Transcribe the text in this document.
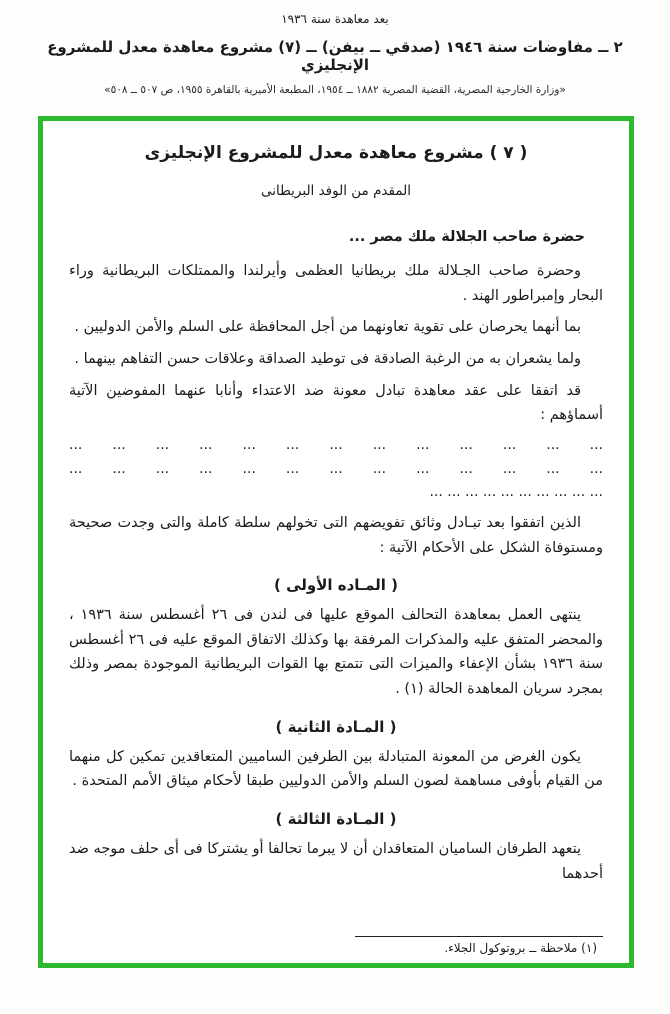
بعد معاهدة سنة ١٩٣٦
٢ ــ مفاوضات سنة ١٩٤٦ (صدقي ــ بيفن) ــ (٧) مشروع معاهدة معدل للمشروع الإنجليزي
«وزارة الخارجية المصرية، القضية المصرية ١٨٨٢ ــ ١٩٥٤، المطبعة الأميرية بالقاهرة ١٩٥٥، ص ٥٠٧ ــ ٥٠٨»
( ٧ ) مشروع معاهدة معدل للمشروع الإنجليزى
المقدم من الوفد البريطانى
حضرة صاحب الجلالة ملك مصر ...

وحضرة صاحب الجـلالة ملك بريطانيا العظمى وأيرلندا والممتلكات البريطانية وراء البحار وإمبراطور الهند .

بما أنهما يحرصان على تقوية تعاونهما من أجل المحافظة على السلم والأمن الدوليين .

ولما يشعران به من الرغبة الصادقة فى توطيد الصداقة وعلاقات حسن التفاهم بينهما .

قد اتفقا على عقد معاهدة تبادل معونة ضد الاعتداء وأنابا عنهما المفوضين الآتية أسماؤهم :

... ... ... ... ... ... ... ... ... ... ... ... ...
... ... ... ... ... ... ... ... ... ... ... ... ...
... ... ... ... ... ... ... ... ... ...

الذين اتفقوا بعد تبـادل وثائق تفويضهم التى تخولهم سلطة كاملة والتى وجدت صحيحة ومستوفاة الشكل على الأحكام الآتية :

( المـاده الأولى )

ينتهى العمل بمعاهدة التحالف الموقع عليها فى لندن فى ٢٦ أغسطس سنة ١٩٣٦ ، والمحضر المتفق عليه والمذكرات المرفقة بها وكذلك الاتفاق الموقع عليه فى ٢٦ أغسطس سنة ١٩٣٦ بشأن الإعفاء والميزات التى تتمتع بها القوات البريطانية الموجودة بمصر وذلك بمجرد سريان المعاهدة الحالة (١) .

( المـادة الثانية )

يكون الغرض من المعونة المتبادلة بين الطرفين الساميين المتعاقدين تمكين كل منهما من القيام بأوفى مساهمة لصون السلم والأمن الدوليين طبقا لأحكام ميثاق الأمم المتحدة .

( المـادة الثالثة )

يتعهد الطرفان الساميان المتعاقدان أن لا يبرما تحالفا أو يشتركا فى أى حلف موجه ضد أحدهما

(١) ملاحظة ــ بروتوكول الجلاء.
